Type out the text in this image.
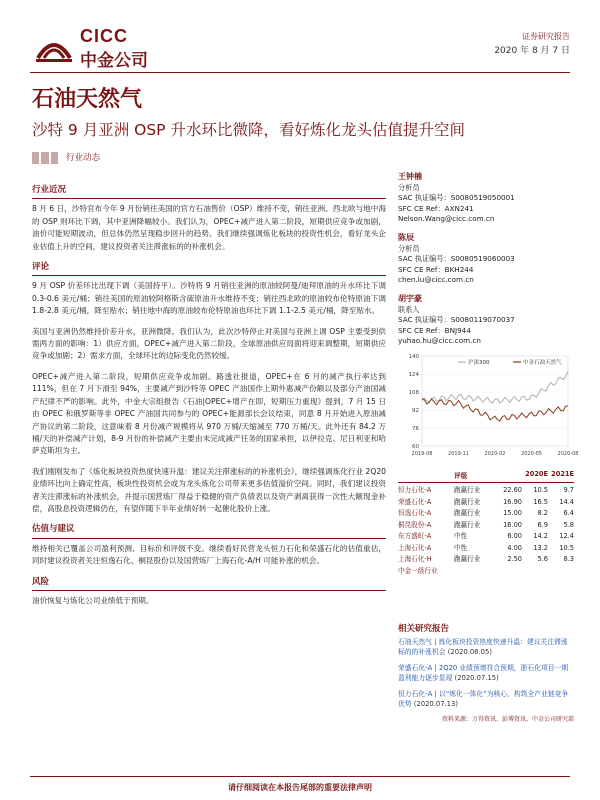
CICC
中金公司
证券研究报告
2020 年 8 月 7 日
石油天然气
沙特 9 月亚洲 OSP 升水环比微降，看好炼化龙头估值提升空间
行业动态
行业近况
8 月 6 日，沙特官布今年 9 月份销往美国的官方石油售价（OSP）维持不变，销往亚洲、西北欧与地中海的 OSP 则环比下调，其中亚洲降幅较小。我们认为，OPEC+减产进入第二阶段，短期供应竞争或加剧，油价可能短期波动，但总体仍然呈现稳步回升的趋势。我们继续强调炼化板块的投资性机会，看好龙头企业估值上升的空间，建议投资者关注滞涨标的的补涨机会。
评论
9 月 OSP 价差环比出现下调（美国持平）。沙特将 9 月销往亚洲的原油较阿曼/迪拜原油的升水环比下调 0.3-0.6 美元/桶；销往美国的原油较阿格斯含硫原油升水维持不变；销往西北欧的原油较布伦特原油下调 1.8-2.8 美元/桶，降至贴水；销往地中海的原油较布伦特原油也环比下调 1.1-2.5 美元/桶，降至贴水。
美国与亚洲仍然维持价差升水，亚洲微降。我们认为，此次沙特停止对美国与亚洲上调 OSP 主要受到供需两方面的影响：1）供应方面，OPEC+减产进入第二阶段，全球原油供应局面将迎来调整期，短期供应竞争或加剧；2）需求方面，全球环比的边际变化仍然较缓。
OPEC+减产进入第二阶段，短期供应竞争或加剧。路透社报道，OPEC+在 6 月的减产执行率达到 111%，但在 7 月下滑至 94%，主要减产到沙特等 OPEC 产油国作上期外惠减产份额以及部分产油国减产纪律不严的影响。此外，中金大宗组报告《石油|OPEC+增产在即，短期压力重现》提到，7 月 15 日由 OPEC 和俄罗斯等非 OPEC 产油国共同参与的 OPEC+能源部长会议结束，同意 8 月开始进入原油减产协议的第二阶段，这意味着 8 月份减产规模将从 970 万桶/天缩减至 770 万桶/天。此外还有 84.2 万桶/天的补偿减产计划，8-9 月份的补偿减产主要由未完成减产任务的国家承担，以伊拉克、尼日利亚和哈萨克斯坦为主。
我们刚刚发布了《炼化板块投资热度快速升温：建议关注滞涨标的的补涨机会》，继续强调炼化行业 2Q20 业绩环比向上确定性高，板块性投资机会或为龙头炼化公司带来更多估值溢价空间。同时，我们建议投资者关注滞涨标的补涨机会，并提示国营炼厂得益于稳健的资产负债表以及资产剥离获得一次性大额现金补偿，高股息投资逻辑仍在，有望伴随下半年业绩好转一起催化股价上涨。
估值与建议
维持相关已覆盖公司盈利预测、目标价和评级不变。继续看好民营龙头恒力石化和荣盛石化的估值重估，同时建议投资者关注恒逸石化、桐昆股份以及国营炼厂上海石化-A/H 可能补涨的机会。
风险
油价恢复与炼化公司业绩低于预期。
王钟楠
分析员
SAC 执证编号：S0080519050001
SFC CE Ref：AXN241
Nelson.Wang@cicc.com.cn
陈辰
分析员
SAC 执证编号：S0080519060003
SFC CE Ref：BKH244
chen.lu@cicc.com.cn
胡宇豪
联系人
SAC 执证编号：S0080119070037
SFC CE Ref：BNJ944
yuhao.hu@cicc.com.cn
60
76
92
108
124
140
2019-08	2019-11	2020-02	2020-05	2020-08
沪深300	中金石油天然气
评级	2020E 2021E
恒力石化-A	跑赢行业	22.60	10.5	9.7
荣盛石化-A	跑赢行业	16.90	16.5	14.4
恒逸石化-A	跑赢行业	15.00	8.2	6.4
桐昆股份-A	跑赢行业	16.00	6.9	5.8
东方盛虹-A	中性	6.00	14.2	12.4
上海石化-A	中性	4.00	13.2	10.5
上海石化-H	跑赢行业	2.50	5.6	8.3
中金一级行业
相关研究报告
石油天然气 | 炼化板块投资热度快速升温：建议关注滞涨标的的补涨机会 (2020.08.05)
荣盛石化-A | 2Q20 业绩预增符合预期，浙石化项目一期盈利能力逐步显现 (2020.07.15)
恒力石化-A | 以“炼化一体化”为核心，构筑全产业链竞争优势 (2020.07.13)
资料来源：万得资讯、彭博资讯、中金公司研究部
请仔细阅读在本报告尾部的重要法律声明
